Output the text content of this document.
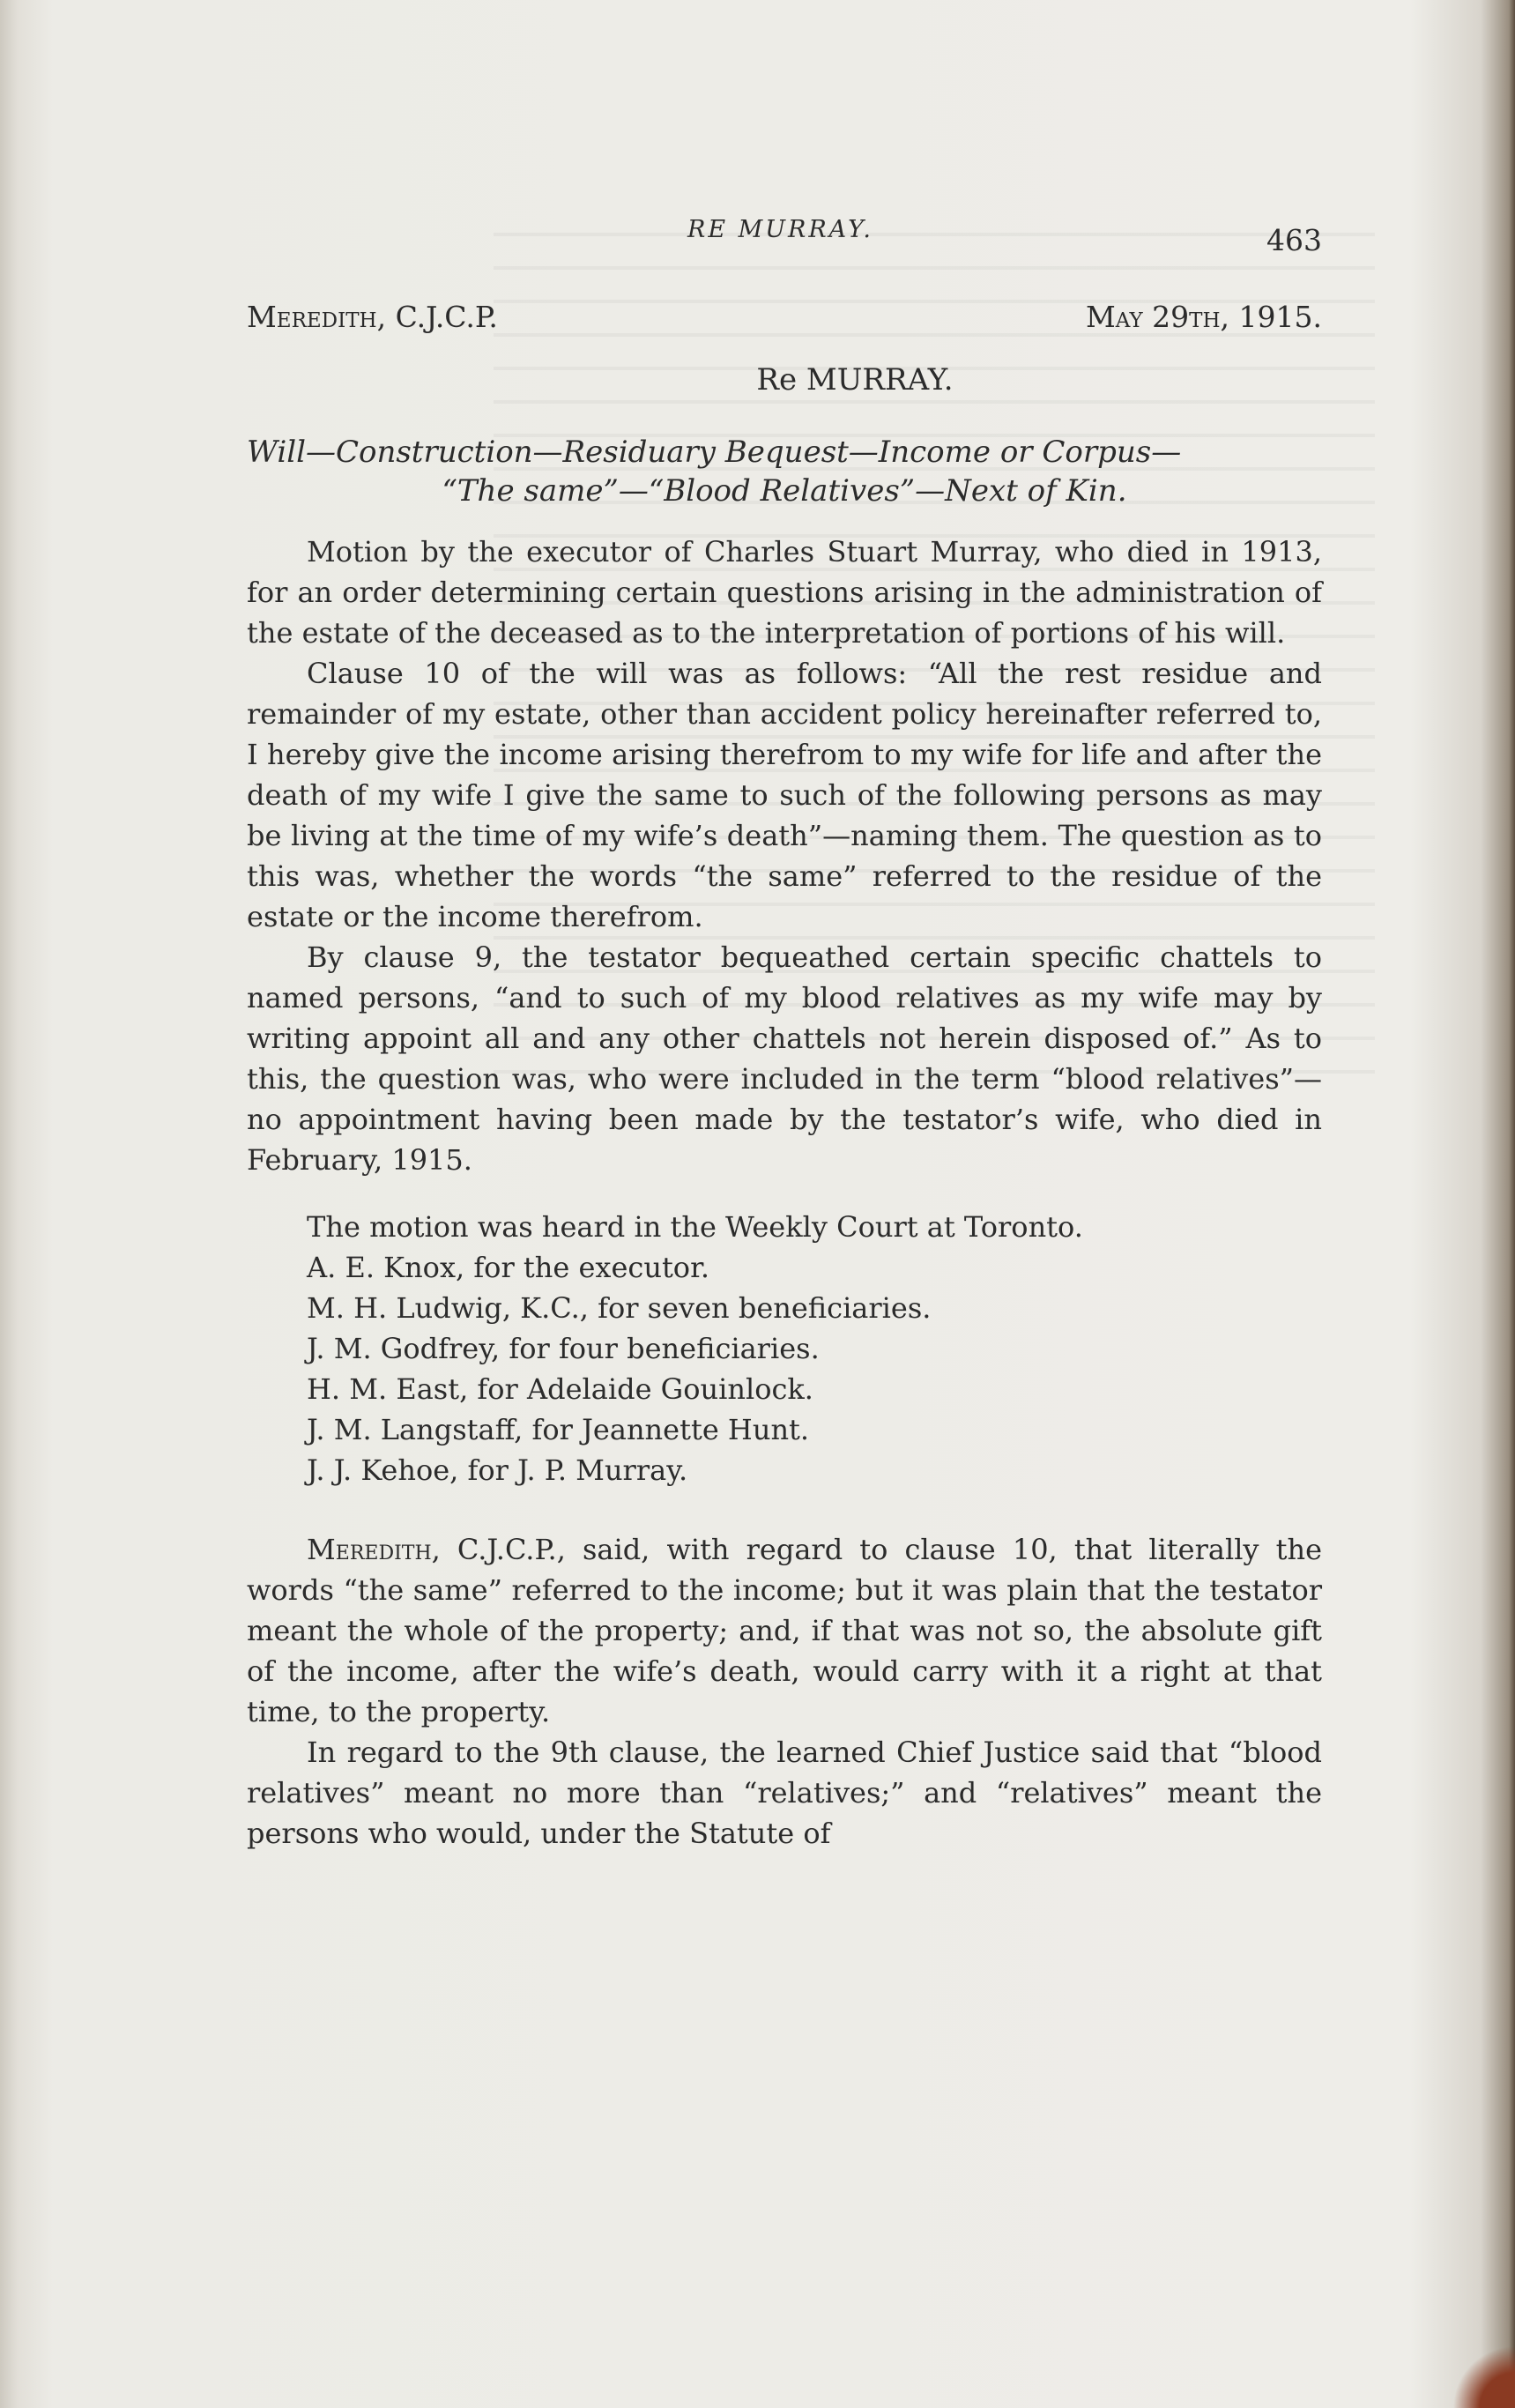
RE MURRAY.	463
Meredith, C.J.C.P.	May 29th, 1915.
Re MURRAY.
Will—Construction—Residuary Bequest—Income or Corpus—
“The same”—“Blood Relatives”—Next of Kin.

Motion by the executor of Charles Stuart Murray, who died in 1913, for an order determining certain questions arising in the administration of the estate of the deceased as to the interpretation of portions of his will.

Clause 10 of the will was as follows: “All the rest residue and remainder of my estate, other than accident policy hereinafter referred to, I hereby give the income arising therefrom to my wife for life and after the death of my wife I give the same to such of the following persons as may be living at the time of my wife’s death”—naming them. The question as to this was, whether the words “the same” referred to the residue of the estate or the income therefrom.

By clause 9, the testator bequeathed certain specific chattels to named persons, “and to such of my blood relatives as my wife may by writing appoint all and any other chattels not herein disposed of.” As to this, the question was, who were included in the term “blood relatives”—no appointment having been made by the testator’s wife, who died in February, 1915.

The motion was heard in the Weekly Court at Toronto.
A. E. Knox, for the executor.
M. H. Ludwig, K.C., for seven beneficiaries.
J. M. Godfrey, for four beneficiaries.
H. M. East, for Adelaide Gouinlock.
J. M. Langstaff, for Jeannette Hunt.
J. J. Kehoe, for J. P. Murray.

Meredith, C.J.C.P., said, with regard to clause 10, that literally the words “the same” referred to the income; but it was plain that the testator meant the whole of the property; and, if that was not so, the absolute gift of the income, after the wife’s death, would carry with it a right at that time, to the property.

In regard to the 9th clause, the learned Chief Justice said that “blood relatives” meant no more than “relatives;” and “relatives” meant the persons who would, under the Statute of
